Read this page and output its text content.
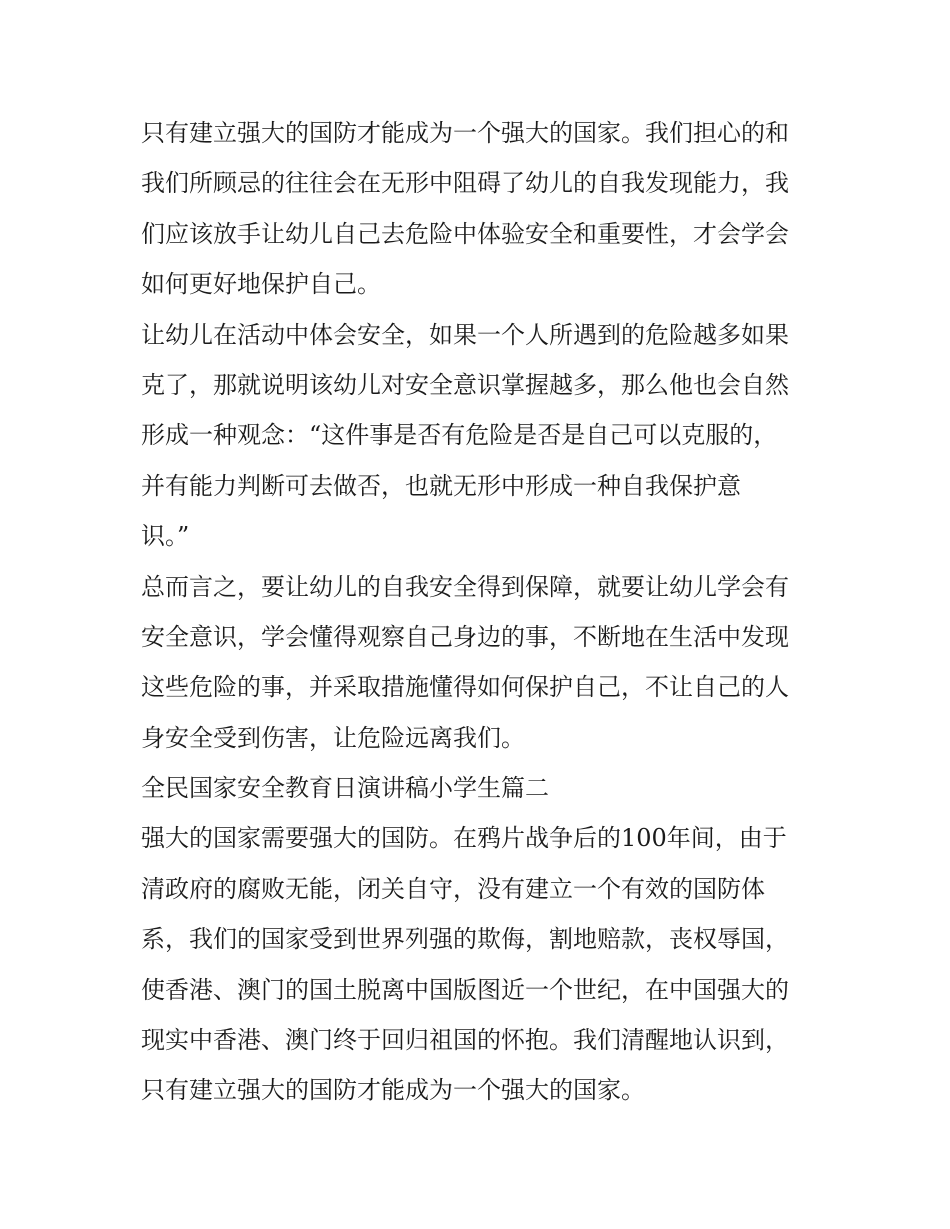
只有建立强大的国防才能成为一个强大的国家。我们担心的和
我们所顾忌的往往会在无形中阻碍了幼儿的自我发现能力，我
们应该放手让幼儿自己去危险中体验安全和重要性，才会学会
如何更好地保护自己。
让幼儿在活动中体会安全，如果一个人所遇到的危险越多如果
克了，那就说明该幼儿对安全意识掌握越多，那么他也会自然
形成一种观念：“这件事是否有危险是否是自己可以克服的，
并有能力判断可去做否，也就无形中形成一种自我保护意
识。”
总而言之，要让幼儿的自我安全得到保障，就要让幼儿学会有
安全意识，学会懂得观察自己身边的事，不断地在生活中发现
这些危险的事，并采取措施懂得如何保护自己，不让自己的人
身安全受到伤害，让危险远离我们。
全民国家安全教育日演讲稿小学生篇二
强大的国家需要强大的国防。在鸦片战争后的100年间，由于
清政府的腐败无能，闭关自守，没有建立一个有效的国防体
系，我们的国家受到世界列强的欺侮，割地赔款，丧权辱国，
使香港、澳门的国土脱离中国版图近一个世纪，在中国强大的
现实中香港、澳门终于回归祖国的怀抱。我们清醒地认识到，
只有建立强大的国防才能成为一个强大的国家。
